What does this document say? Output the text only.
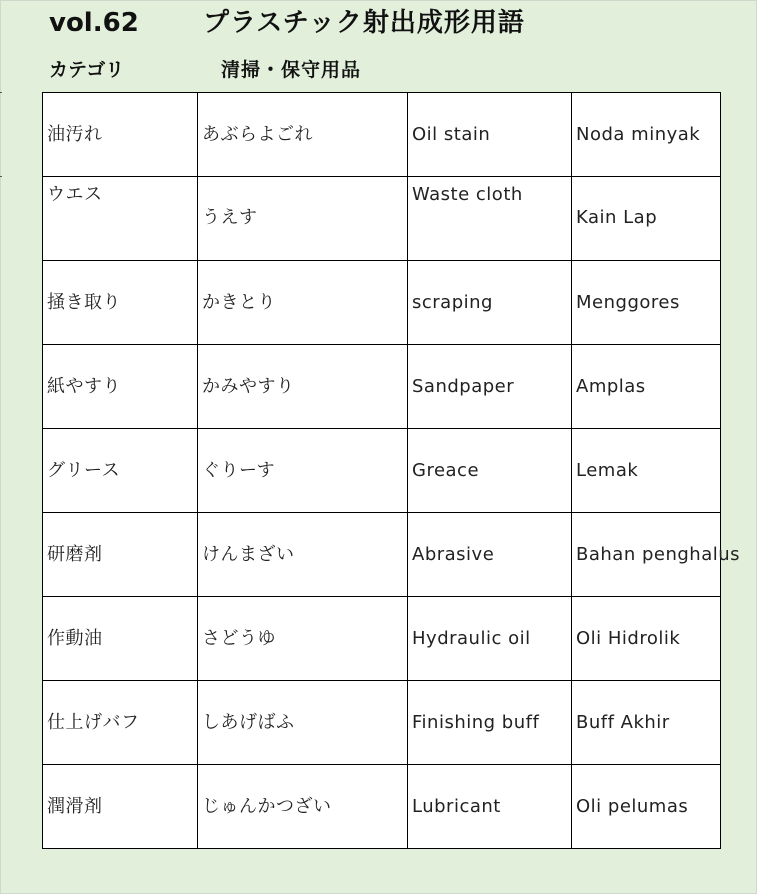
vol.62 プラスチック射出成形用語
カテゴリ	清掃・保守用品
油汚れ	あぶらよごれ	Oil stain	Noda minyak

ウエス	うえす	Waste cloth	Kain Lap

掻き取り	かきとり	scraping	Menggores
紙やすり	かみやすり	Sandpaper	Amplas
グリース	ぐりーす	Greace	Lemak
研磨剤	けんまざい	Abrasive	Bahan penghalus
作動油	さどうゆ	Hydraulic oil	Oli Hidrolik
仕上げバフ	しあげばふ	Finishing buff	Buff Akhir
潤滑剤	じゅんかつざい	Lubricant	Oli pelumas
